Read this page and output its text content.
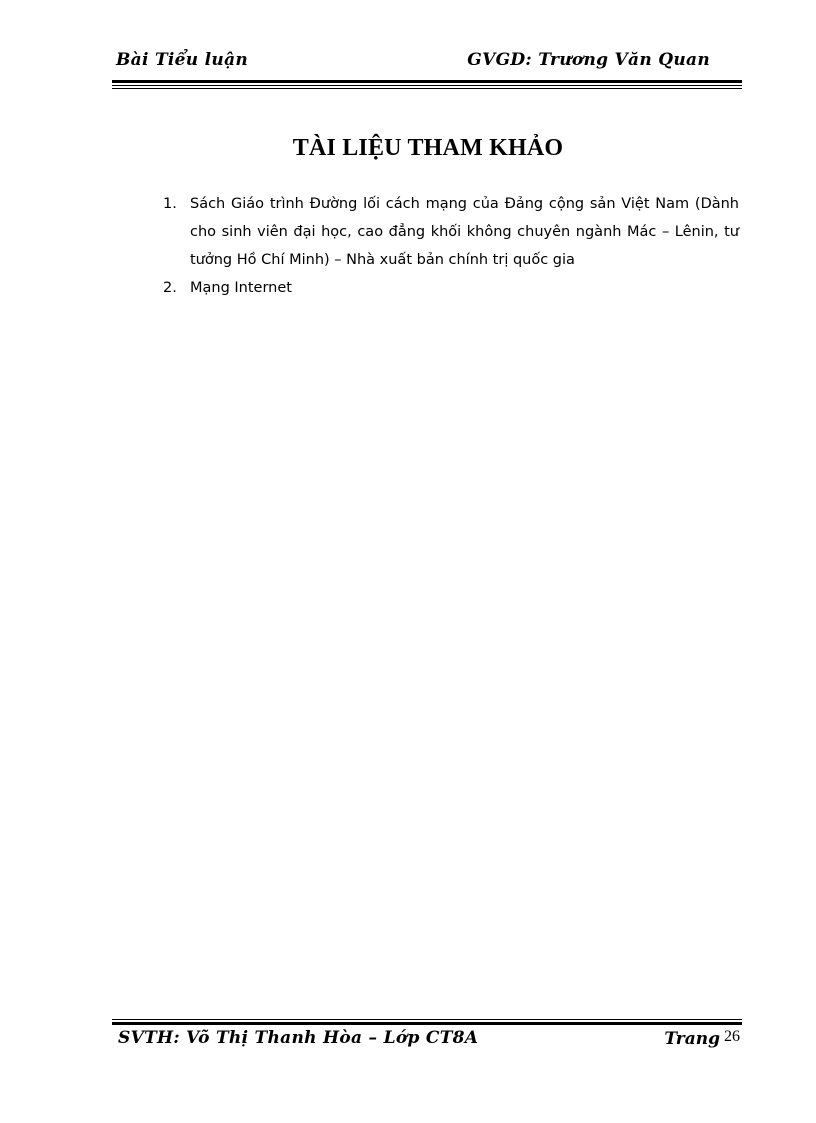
Bài Tiểu luận	GVGD: Trương Văn Quan
TÀI LIỆU THAM KHẢO
1. Sách Giáo trình Đường lối cách mạng của Đảng cộng sản Việt Nam (Dành cho sinh viên đại học, cao đẳng khối không chuyên ngành Mác – Lênin, tư tưởng Hồ Chí Minh) – Nhà xuất bản chính trị quốc gia
2. Mạng Internet
SVTH: Võ Thị Thanh Hòa – Lớp CT8A	Trang 26
